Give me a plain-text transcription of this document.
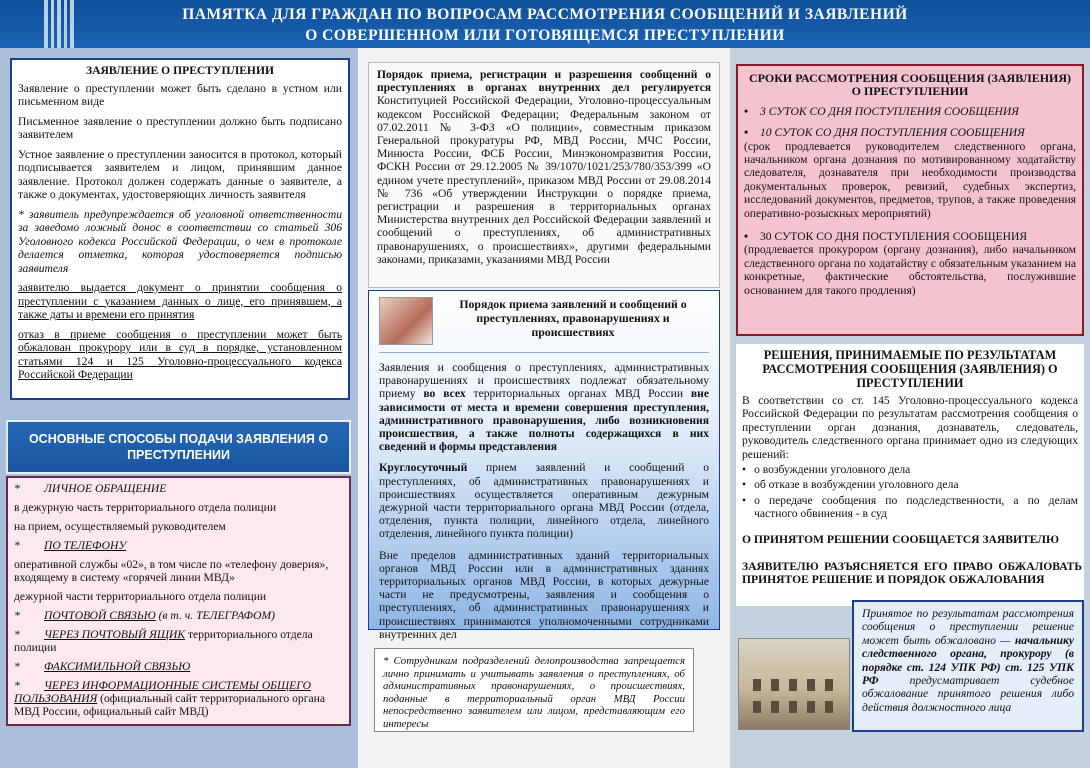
ПАМЯТКА ДЛЯ ГРАЖДАН ПО ВОПРОСАМ РАССМОТРЕНИЯ СООБЩЕНИЙ И ЗАЯВЛЕНИЙ
О СОВЕРШЕННОМ ИЛИ ГОТОВЯЩЕМСЯ ПРЕСТУПЛЕНИИ
ЗАЯВЛЕНИЕ О ПРЕСТУПЛЕНИИ

Заявление о преступлении может быть сделано в устном или письменном виде

Письменное заявление о преступлении должно быть подписано заявителем

Устное заявление о преступлении заносится в протокол, который подписывается заявителем и лицом, принявшим данное заявление. Протокол должен содержать данные о заявителе, а также о документах, удостоверяющих личность заявителя

* заявитель предупреждается об уголовной ответственности за заведомо ложный донос в соответствии со статьей 306 Уголовного кодекса Российской Федерации, о чем в протоколе делается отметка, которая удостоверяется подписью заявителя

заявителю выдается документ о принятии сообщения о преступлении с указанием данных о лице, его принявшем, а также даты и времени его принятия

отказ в приеме сообщения о преступлении может быть обжалован прокурору или в суд в порядке, установленном статьями 124 и 125 Уголовно-процессуального кодекса Российской Федерации

ОСНОВНЫЕ СПОСОБЫ ПОДАЧИ ЗАЯВЛЕНИЯ О ПРЕСТУПЛЕНИИ
* ЛИЧНОЕ ОБРАЩЕНИЕ
в дежурную часть территориального отдела полиции
на прием, осуществляемый руководителем
* ПО ТЕЛЕФОНУ
оперативной службы «02», в том числе по «телефону доверия», входящему в систему «горячей линии МВД»
дежурной части территориального отдела полиции
* ПОЧТОВОЙ СВЯЗЬЮ (в т. ч. ТЕЛЕГРАФОМ)
* ЧЕРЕЗ ПОЧТОВЫЙ ЯЩИК территориального отдела полиции
* ФАКСИМИЛЬНОЙ СВЯЗЬЮ
* ЧЕРЕЗ ИНФОРМАЦИОННЫЕ СИСТЕМЫ ОБЩЕГО ПОЛЬЗОВАНИЯ (официальный сайт территориального органа МВД России, официальный сайт МВД)
Порядок приема, регистрации и разрешения сообщений о преступлениях в органах внутренних дел регулируется Конституцией Российской Федерации, Уголовно-процессуальным кодексом Российской Федерации; Федеральным законом от 07.02.2011 № 3-ФЗ «О полиции», совместным приказом Генеральной прокуратуры РФ, МВД России, МЧС России, Минюста России, ФСБ России, Минэкономразвития России, ФСКН России от 29.12.2005 № 39/1070/1021/253/780/353/399 «О едином учете преступлений», приказом МВД России от 29.08.2014 № 736 «Об утверждении Инструкции о порядке приема, регистрации и разрешения в территориальных органах Министерства внутренних дел Российской Федерации заявлений и сообщений о преступлениях, об административных правонарушениях, о происшествиях», другими федеральными законами, приказами, указаниями МВД России
Порядок приема заявлений и сообщений о преступлениях, правонарушениях и происшествиях

Заявления и сообщения о преступлениях, административных правонарушениях и происшествиях подлежат обязательному приему во всех территориальных органах МВД России вне зависимости от места и времени совершения преступления, административного правонарушения, либо возникновения происшествия, а также полноты содержащихся в них сведений и формы представления

Круглосуточный прием заявлений и сообщений о преступлениях, об административных правонарушениях и происшествиях осуществляется оперативным дежурным дежурной части территориального органа МВД России (отдела, отделения, пункта полиции, линейного отдела, линейного отделения, линейного пункта полиции)

Вне пределов административных зданий территориальных органов МВД России или в административных зданиях территориальных органов МВД России, в которых дежурные части не предусмотрены, заявления и сообщения о преступлениях, об административных правонарушениях и происшествиях принимаются уполномоченными сотрудниками внутренних дел

* Сотрудникам подразделений делопроизводства запрещается лично принимать и учитывать заявления о преступлениях, об административных правонарушениях, о происшествиях, поданные в территориальный орган МВД России непосредственно заявителем или лицом, представляющим его интересы
СРОКИ РАССМОТРЕНИЯ СООБЩЕНИЯ (ЗАЯВЛЕНИЯ) О ПРЕСТУПЛЕНИИ
•	3 СУТОК СО ДНЯ ПОСТУПЛЕНИЯ СООБЩЕНИЯ
•	10 СУТОК СО ДНЯ ПОСТУПЛЕНИЯ СООБЩЕНИЯ

(срок продлевается руководителем следственного органа, начальником органа дознания по мотивированному ходатайству следователя, дознавателя при необходимости производства документальных проверок, ревизий, судебных экспертиз, исследований документов, предметов, трупов, а также проведения оперативно-розыскных мероприятий)

•	30 СУТОК СО ДНЯ ПОСТУПЛЕНИЯ СООБЩЕНИЯ

(продлевается прокурором (органу дознания), либо начальником следственного органа по ходатайству с обязательным указанием на конкретные, фактические обстоятельства, послужившие основанием для такого продления)

РЕШЕНИЯ, ПРИНИМАЕМЫЕ ПО РЕЗУЛЬТАТАМ РАССМОТРЕНИЯ СООБЩЕНИЯ (ЗАЯВЛЕНИЯ) О ПРЕСТУПЛЕНИИ

В соответствии со ст. 145 Уголовно-процессуального кодекса Российской Федерации по результатам рассмотрения сообщения о преступлении орган дознания, дознаватель, следователь, руководитель следственного органа принимает одно из следующих решений:

• о возбуждении уголовного дела
• об отказе в возбуждении уголовного дела
• о передаче сообщения по подследственности, а по делам частного обвинения - в суд

О ПРИНЯТОМ РЕШЕНИИ СООБЩАЕТСЯ ЗАЯВИТЕЛЮ

ЗАЯВИТЕЛЮ РАЗЪЯСНЯЕТСЯ ЕГО ПРАВО ОБЖАЛОВАТЬ ПРИНЯТОЕ РЕШЕНИЕ И ПОРЯДОК ОБЖАЛОВАНИЯ

Принятое по результатам рассмотрения сообщения о преступлении решение может быть обжаловано — начальнику следственного органа, прокурору (в порядке ст. 124 УПК РФ) ст. 125 УПК РФ	предусматривает судебное обжалование принятого решения либо действия должностного лица
